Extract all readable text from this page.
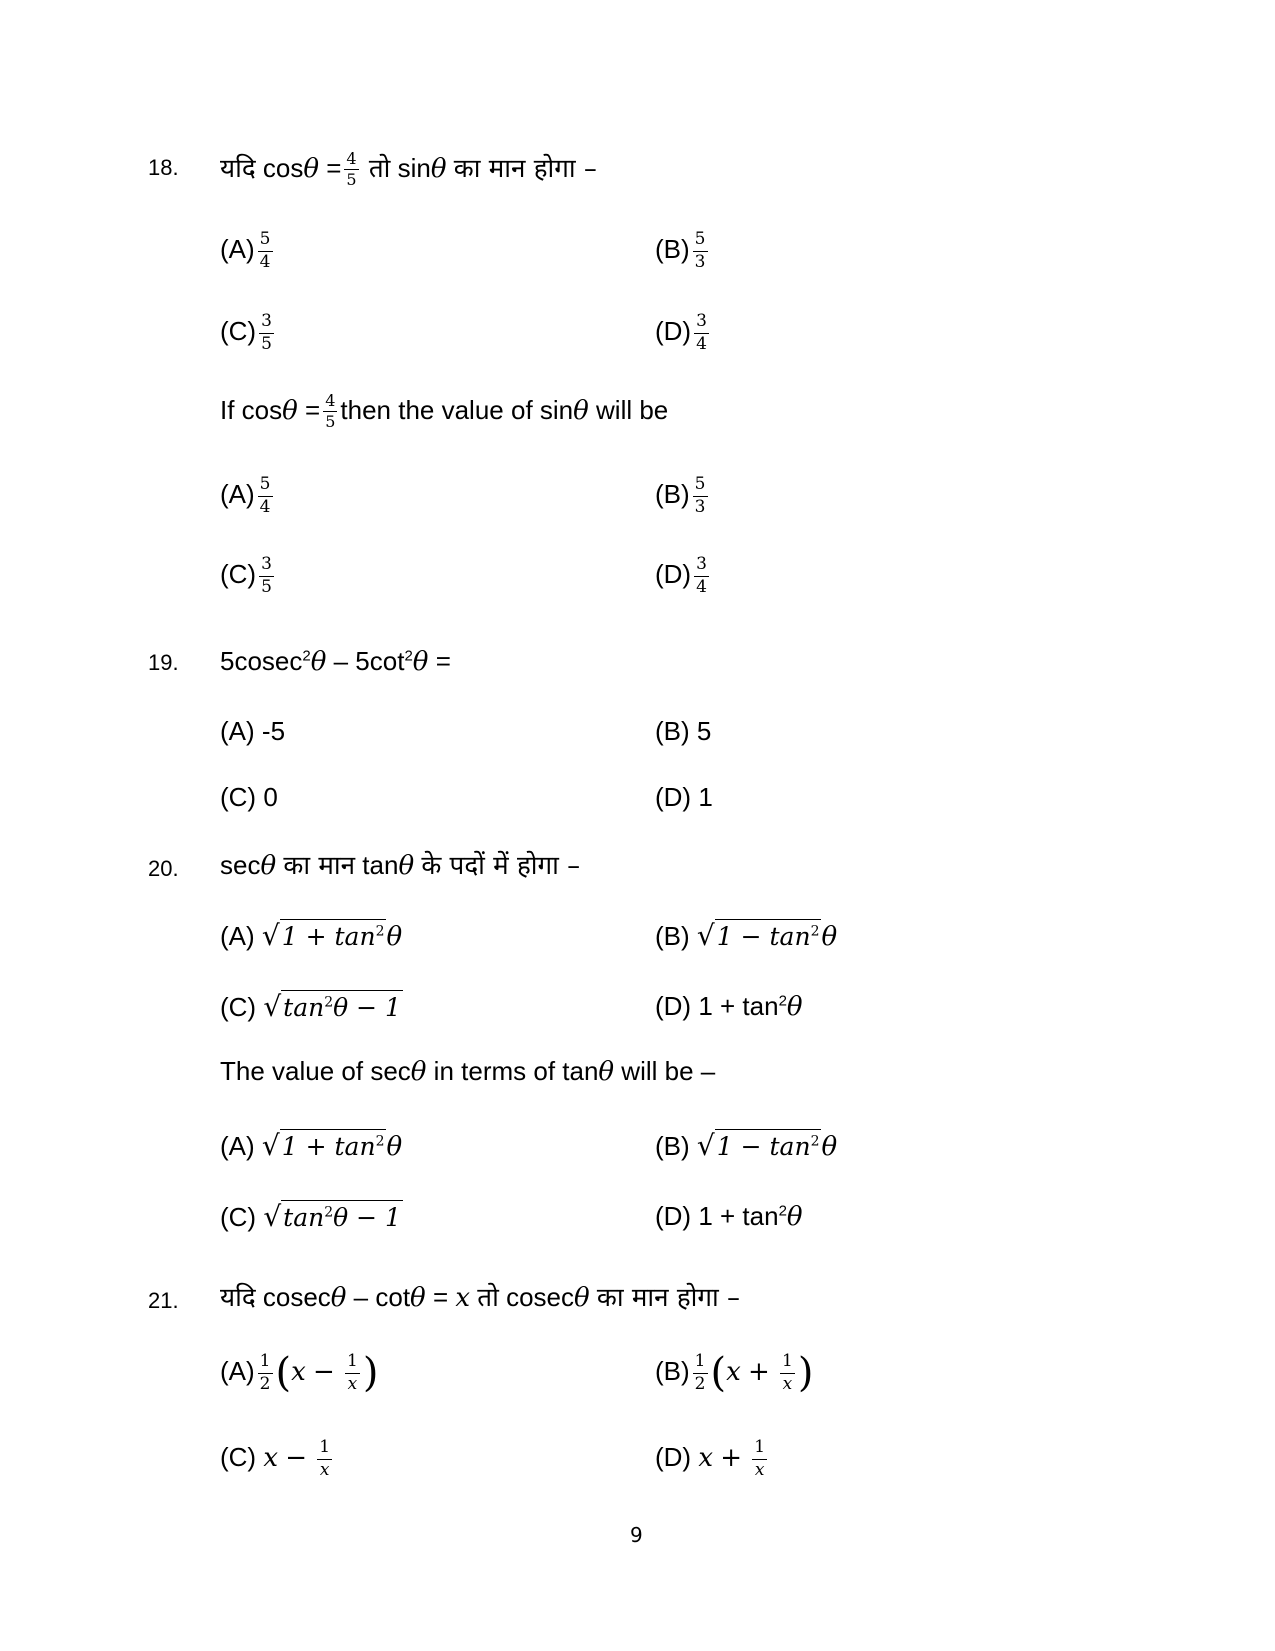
18. यदि $\cos\theta = \frac{4}{5}$ तो sinθ का मान होगा –
$(A) \frac{5}{4}$	$(B) \frac{5}{3}$
$(C) \frac{3}{5}$	$(D) \frac{3}{4}$
If $\cos\theta = \frac{4}{5}$ then the value of sinθ will be
$(A) \frac{5}{4}$	$(B) \frac{5}{3}$
$(C) \frac{3}{5}$	$(D) \frac{3}{4}$
19. $5cosec^2\theta - 5\cot^2\theta$ =
(A) -5	(B) 5
(C) 0	(D) 1
20. secθ का मान tanθ के पदों में होगा –
(A) $√1 + \tan^2\theta$	(B) $√1 - \tan^2\theta$
(C) $√\tan^2\theta - 1$	(D) $1 + \tan^2\theta$
The value of secθ in terms of tanθ will be –
(A) $√1 + \tan^2\theta$	(B) $√1 - \tan^2\theta$
(C) $√\tan^2\theta - 1$	(D) $1 + \tan^2\theta$
21. यदि cosecθ – cotθ = x तो cosecθ का मान होगा –
$(A) \frac{1}{2} (x - \frac{1}{x}$ )	$(B) \frac{1}{2} (x + \frac{1}{x}$ )
(C) $x - \frac{1}{x}$	(D) $x + \frac{1}{x}$
9
